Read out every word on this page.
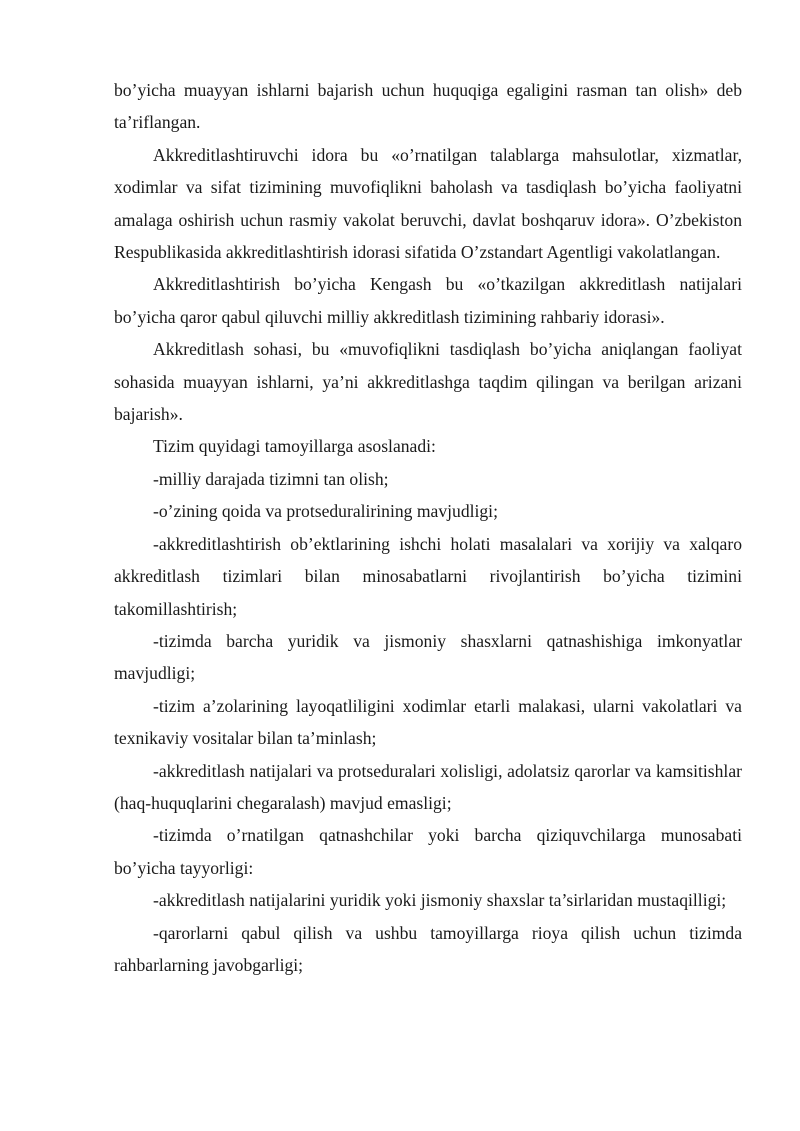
bo’yicha muayyan ishlarni bajarish uchun huquqiga egaligini rasman tan olish» deb ta’riflangan.

Akkreditlashtiruvchi idora bu «o’rnatilgan talablarga mahsulotlar, xizmatlar, xodimlar va sifat tizimining muvofiqlikni baholash va tasdiqlash bo’yicha faoliyatni amalaga oshirish uchun rasmiy vakolat beruvchi, davlat boshqaruv idora». O’zbekiston Respublikasida akkreditlashtirish idorasi sifatida O’zstandart Agentligi vakolatlangan.

Akkreditlashtirish bo’yicha Kengash bu «o’tkazilgan akkreditlash natijalari bo’yicha qaror qabul qiluvchi milliy akkreditlash tizimining rahbariy idorasi».

Akkreditlash sohasi, bu «muvofiqlikni tasdiqlash bo’yicha aniqlangan faoliyat sohasida muayyan ishlarni, ya’ni akkreditlashga taqdim qilingan va berilgan arizani bajarish».

Tizim quyidagi tamoyillarga asoslanadi:

-milliy darajada tizimni tan olish;

-o’zining qoida va protseduralirining mavjudligi;

-akkreditlashtirish ob’ektlarining ishchi holati masalalari va xorijiy va xalqaro akkreditlash tizimlari bilan minosabatlarni rivojlantirish bo’yicha tizimini takomillashtirish;

-tizimda barcha yuridik va jismoniy shasxlarni qatnashishiga imkonyatlar mavjudligi;

-tizim a’zolarining layoqatliligini xodimlar etarli malakasi, ularni vakolatlari va texnikaviy vositalar bilan ta’minlash;

-akkreditlash natijalari va protseduralari xolisligi, adolatsiz qarorlar va kamsitishlar (haq-huquqlarini chegaralash) mavjud emasligi;

-tizimda o’rnatilgan qatnashchilar yoki barcha qiziquvchilarga munosabati bo’yicha tayyorligi:

-akkreditlash natijalarini yuridik yoki jismoniy shaxslar ta’sirlaridan mustaqilligi;

-qarorlarni qabul qilish va ushbu tamoyillarga rioya qilish uchun tizimda rahbarlarning javobgarligi;
